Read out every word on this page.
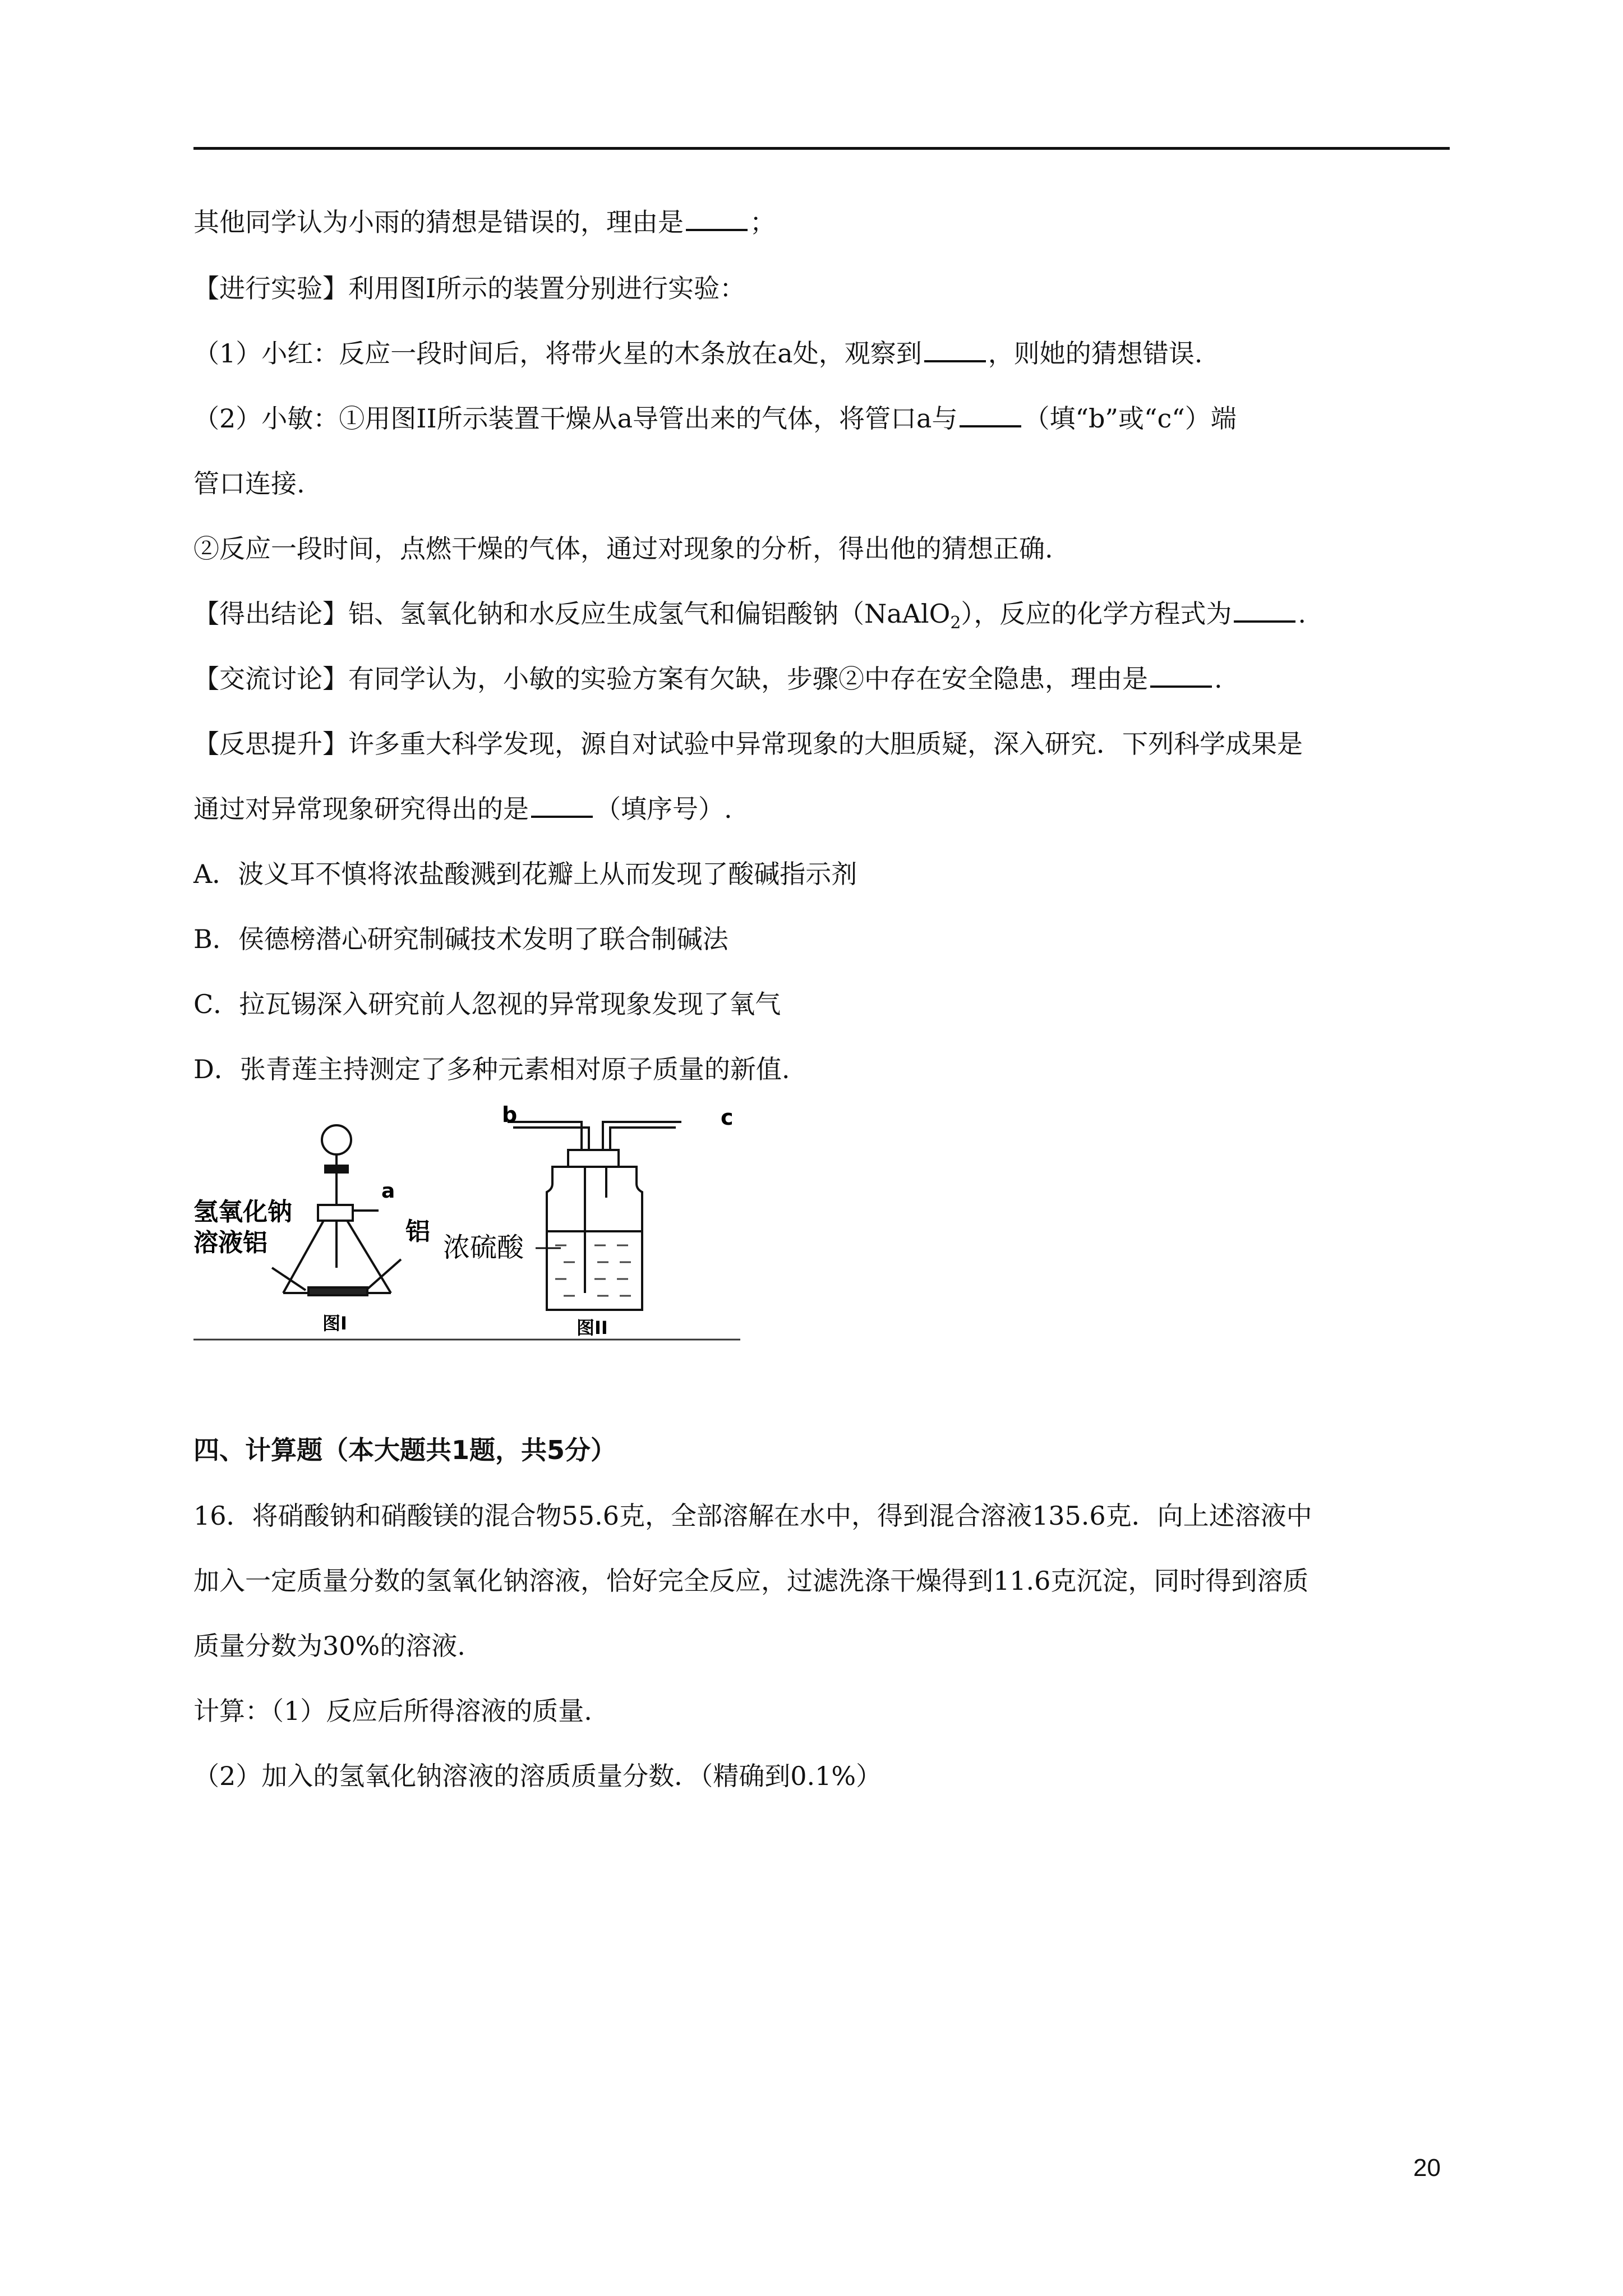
其他同学认为小雨的猜想是错误的，理由是	；
【进行实验】利用图I所示的装置分别进行实验：
（1）小红：反应一段时间后，将带火星的木条放在a处，观察到	，则她的猜想错误.
（2）小敏：①用图II所示装置干燥从a导管出来的气体，将管口a与	（填“b”或“c“）端
管口连接.
②反应一段时间，点燃干燥的气体，通过对现象的分析，得出他的猜想正确.
【得出结论】铝、氢氧化钠和水反应生成氢气和偏铝酸钠（NaAlO$_2$），反应的化学方程式为	.
【交流讨论】有同学认为，小敏的实验方案有欠缺，步骤②中存在安全隐患，理由是	.
【反思提升】许多重大科学发现，源自对试验中异常现象的大胆质疑，深入研究．下列科学成果是
通过对异常现象研究得出的是	（填序号）.
A．波义耳不慎将浓盐酸溅到花瓣上从而发现了酸碱指示剂
B．侯德榜潜心研究制碱技术发明了联合制碱法
C．拉瓦锡深入研究前人忽视的异常现象发现了氧气
D．张青莲主持测定了多种元素相对原子质量的新值.
氢氧化钠
溶液铝
a
铝
图I
b	c
浓硫酸
图II
四、计算题（本大题共1题，共5分）
16．将硝酸钠和硝酸镁的混合物55.6克，全部溶解在水中，得到混合溶液135.6克．向上述溶液中
加入一定质量分数的氢氧化钠溶液，恰好完全反应，过滤洗涤干燥得到11.6克沉淀，同时得到溶质
质量分数为30%的溶液.
计算：（1）反应后所得溶液的质量.
（2）加入的氢氧化钠溶液的溶质质量分数．（精确到0.1%）
20
